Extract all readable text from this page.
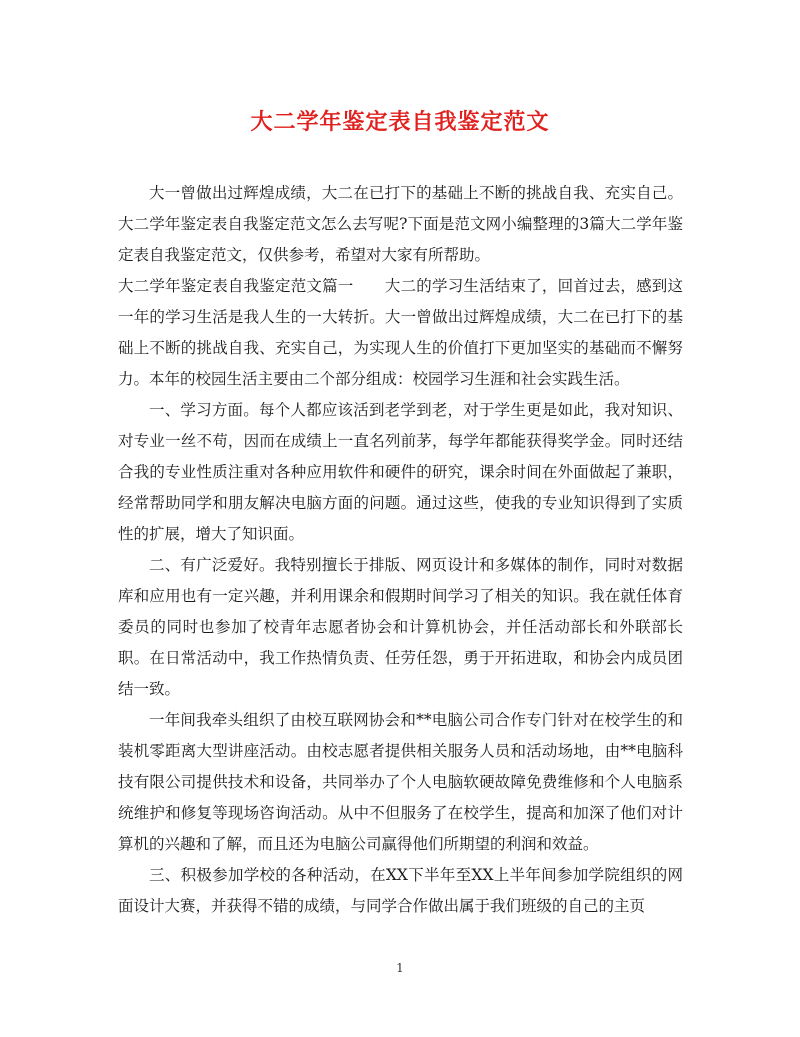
大二学年鉴定表自我鉴定范文

大一曾做出过辉煌成绩，大二在已打下的基础上不断的挑战自我、充实自己。大二学年鉴定表自我鉴定范文怎么去写呢?下面是范文网小编整理的3篇大二学年鉴定表自我鉴定范文，仅供参考，希望对大家有所帮助。

大二学年鉴定表自我鉴定范文篇一　　大二的学习生活结束了，回首过去，感到这一年的学习生活是我人生的一大转折。大一曾做出过辉煌成绩，大二在已打下的基础上不断的挑战自我、充实自己，为实现人生的价值打下更加坚实的基础而不懈努力。本年的校园生活主要由二个部分组成：校园学习生涯和社会实践生活。

一、学习方面。每个人都应该活到老学到老，对于学生更是如此，我对知识、对专业一丝不苟，因而在成绩上一直名列前茅，每学年都能获得奖学金。同时还结合我的专业性质注重对各种应用软件和硬件的研究，课余时间在外面做起了兼职，经常帮助同学和朋友解决电脑方面的问题。通过这些，使我的专业知识得到了实质性的扩展，增大了知识面。

二、有广泛爱好。我特别擅长于排版、网页设计和多媒体的制作，同时对数据库和应用也有一定兴趣，并利用课余和假期时间学习了相关的知识。我在就任体育委员的同时也参加了校青年志愿者协会和计算机协会，并任活动部长和外联部长职。在日常活动中，我工作热情负责、任劳任怨，勇于开拓进取，和协会内成员团结一致。

一年间我牵头组织了由校互联网协会和**电脑公司合作专门针对在校学生的和装机零距离大型讲座活动。由校志愿者提供相关服务人员和活动场地，由**电脑科技有限公司提供技术和设备，共同举办了个人电脑软硬故障免费维修和个人电脑系统维护和修复等现场咨询活动。从中不但服务了在校学生，提高和加深了他们对计算机的兴趣和了解，而且还为电脑公司赢得他们所期望的利润和效益。

三、积极参加学校的各种活动，在XX下半年至XX上半年间参加学院组织的网面设计大赛，并获得不错的成绩，与同学合作做出属于我们班级的自己的主页

1
